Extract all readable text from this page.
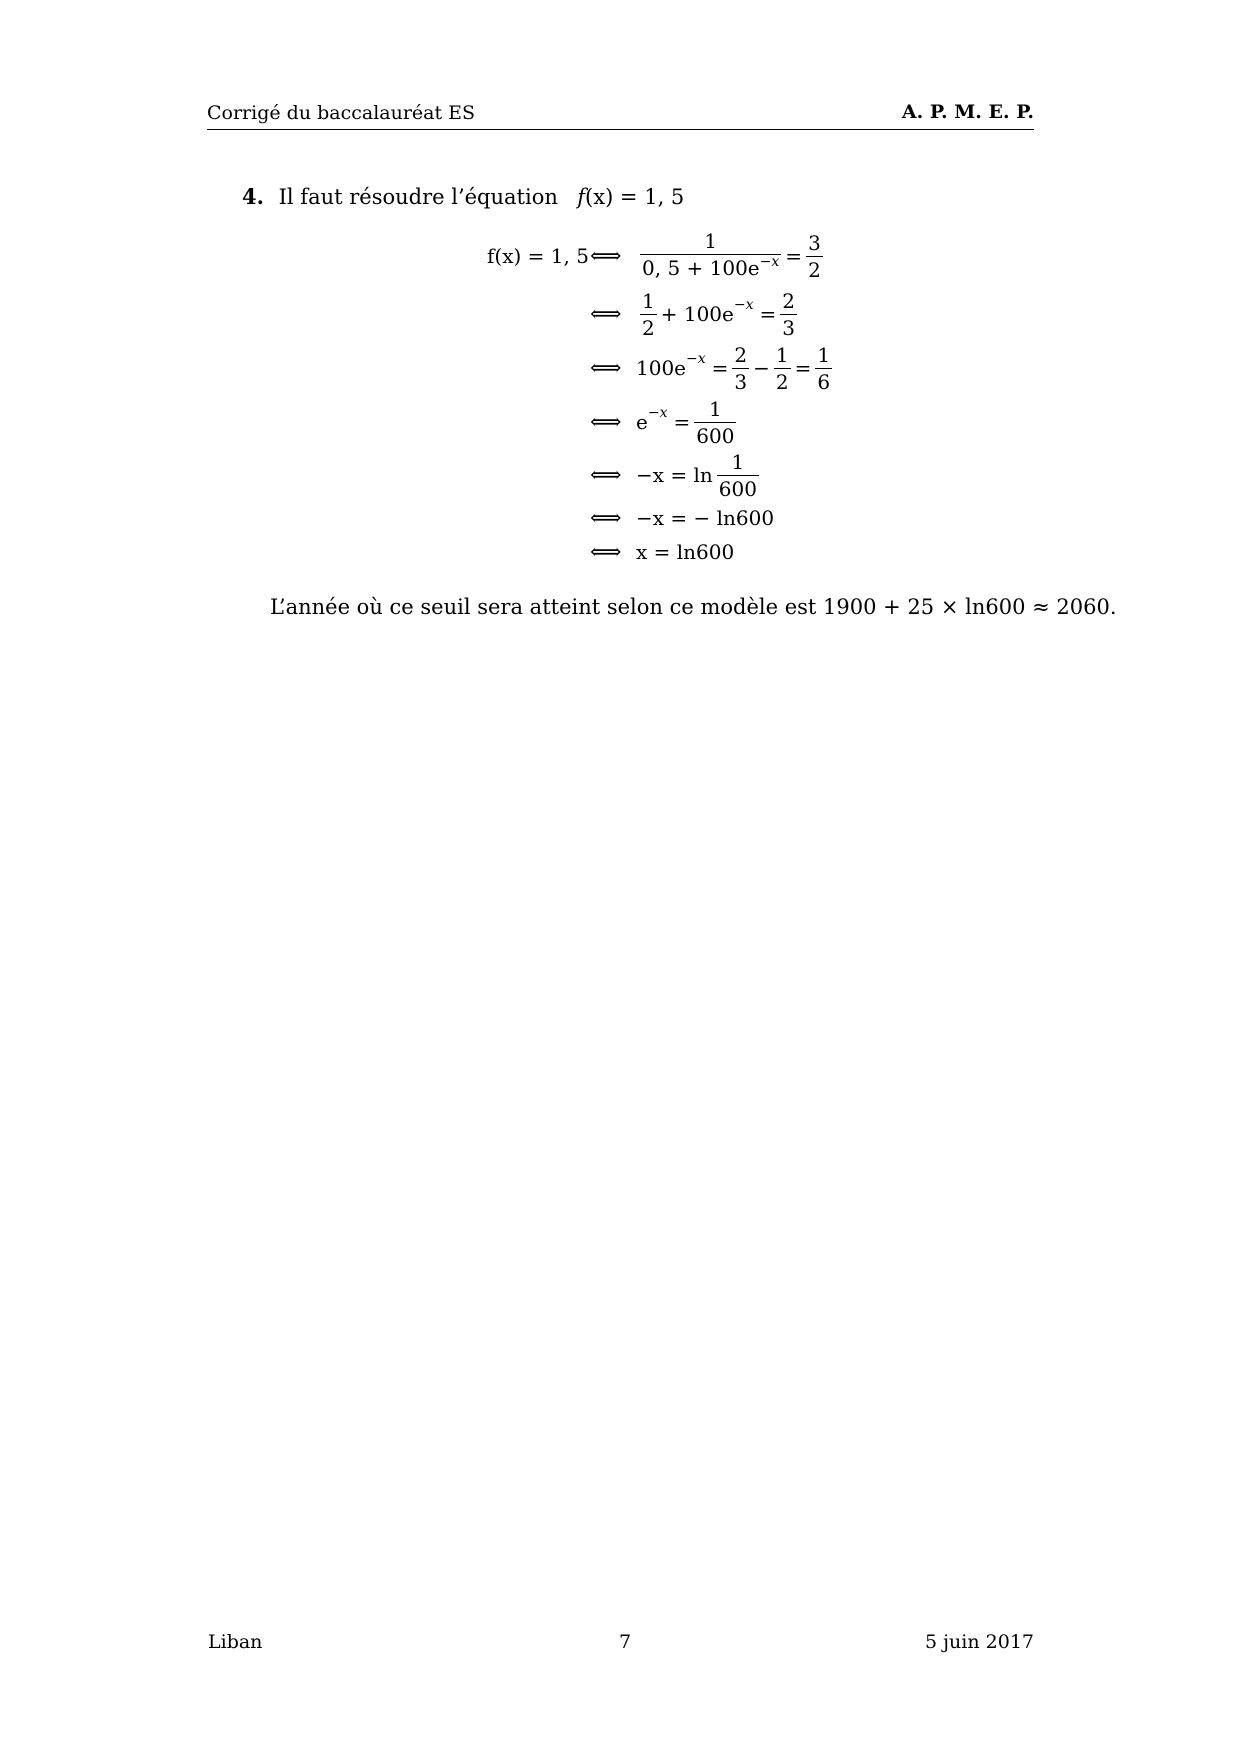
Corrigé du baccalauréat ES	A. P. M. E. P.
4. Il faut résoudre l’équation f(x) = 1, 5
f(x) = 1, 5 ⟺ $\frac{1}{0, 5 + 100e^{-x}} = \frac{3}{2}$
⟺ $\frac{1}{2} + 100e -x = \frac{2}{3}$
⟺ $100e -x = \frac{2}{3} - \frac{1}{2} = \frac{1}{6}$
⟺ $e -x = \frac{1}{600}$
⟺ $-x = \ln \frac{1}{600}$
⟺ −x = − ln600
⟺ x = ln600
L’année où ce seuil sera atteint selon ce modèle est 1900 + 25 × ln600 ≈ 2060.
Liban	7	5 juin 2017
